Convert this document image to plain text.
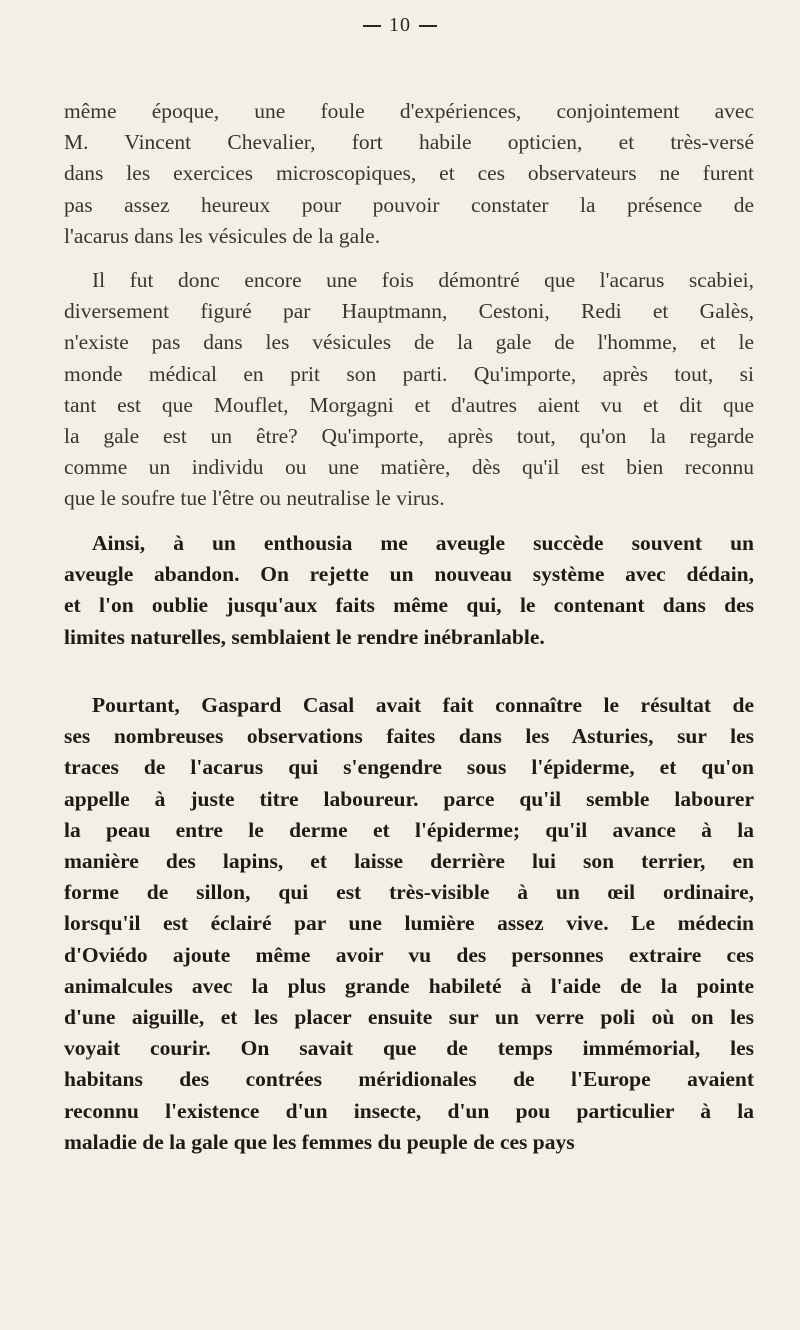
10
même époque, une foule d'expériences, conjointement avec
M. Vincent Chevalier, fort habile opticien, et très-versé
dans les exercices microscopiques, et ces observateurs ne furent
pas assez heureux pour pouvoir constater la présence de
l'acarus dans les vésicules de la gale.
Il fut donc encore une fois démontré que l'acarus scabiei,
diversement figuré par Hauptmann, Cestoni, Redi et Galès,
n'existe pas dans les vésicules de la gale de l'homme, et le
monde médical en prit son parti. Qu'importe, après tout, si
tant est que Mouflet, Morgagni et d'autres aient vu et dit que
la gale est un être? Qu'importe, après tout, qu'on la regarde
comme un individu ou une matière, dès qu'il est bien reconnu
que le soufre tue l'être ou neutralise le virus.
Ainsi, à un enthousia me aveugle succède souvent un
aveugle abandon. On rejette un nouveau système avec dédain,
et l'on oublie jusqu'aux faits même qui, le contenant dans des
limites naturelles, semblaient le rendre inébranlable.
Pourtant, Gaspard Casal avait fait connaître le résultat de
ses nombreuses observations faites dans les Asturies, sur les
traces de l'acarus qui s'engendre sous l'épiderme, et qu'on
appelle à juste titre laboureur. parce qu'il semble labourer
la peau entre le derme et l'épiderme; qu'il avance à la
manière des lapins, et laisse derrière lui son terrier, en
forme de sillon, qui est très-visible à un œil ordinaire,
lorsqu'il est éclairé par une lumière assez vive. Le médecin
d'Oviédo ajoute même avoir vu des personnes extraire ces
animalcules avec la plus grande habileté à l'aide de la pointe
d'une aiguille, et les placer ensuite sur un verre poli où on les
voyait courir. On savait que de temps immémorial, les
habitans des contrées méridionales de l'Europe avaient
reconnu l'existence d'un insecte, d'un pou particulier à la
maladie de la gale que les femmes du peuple de ces pays
